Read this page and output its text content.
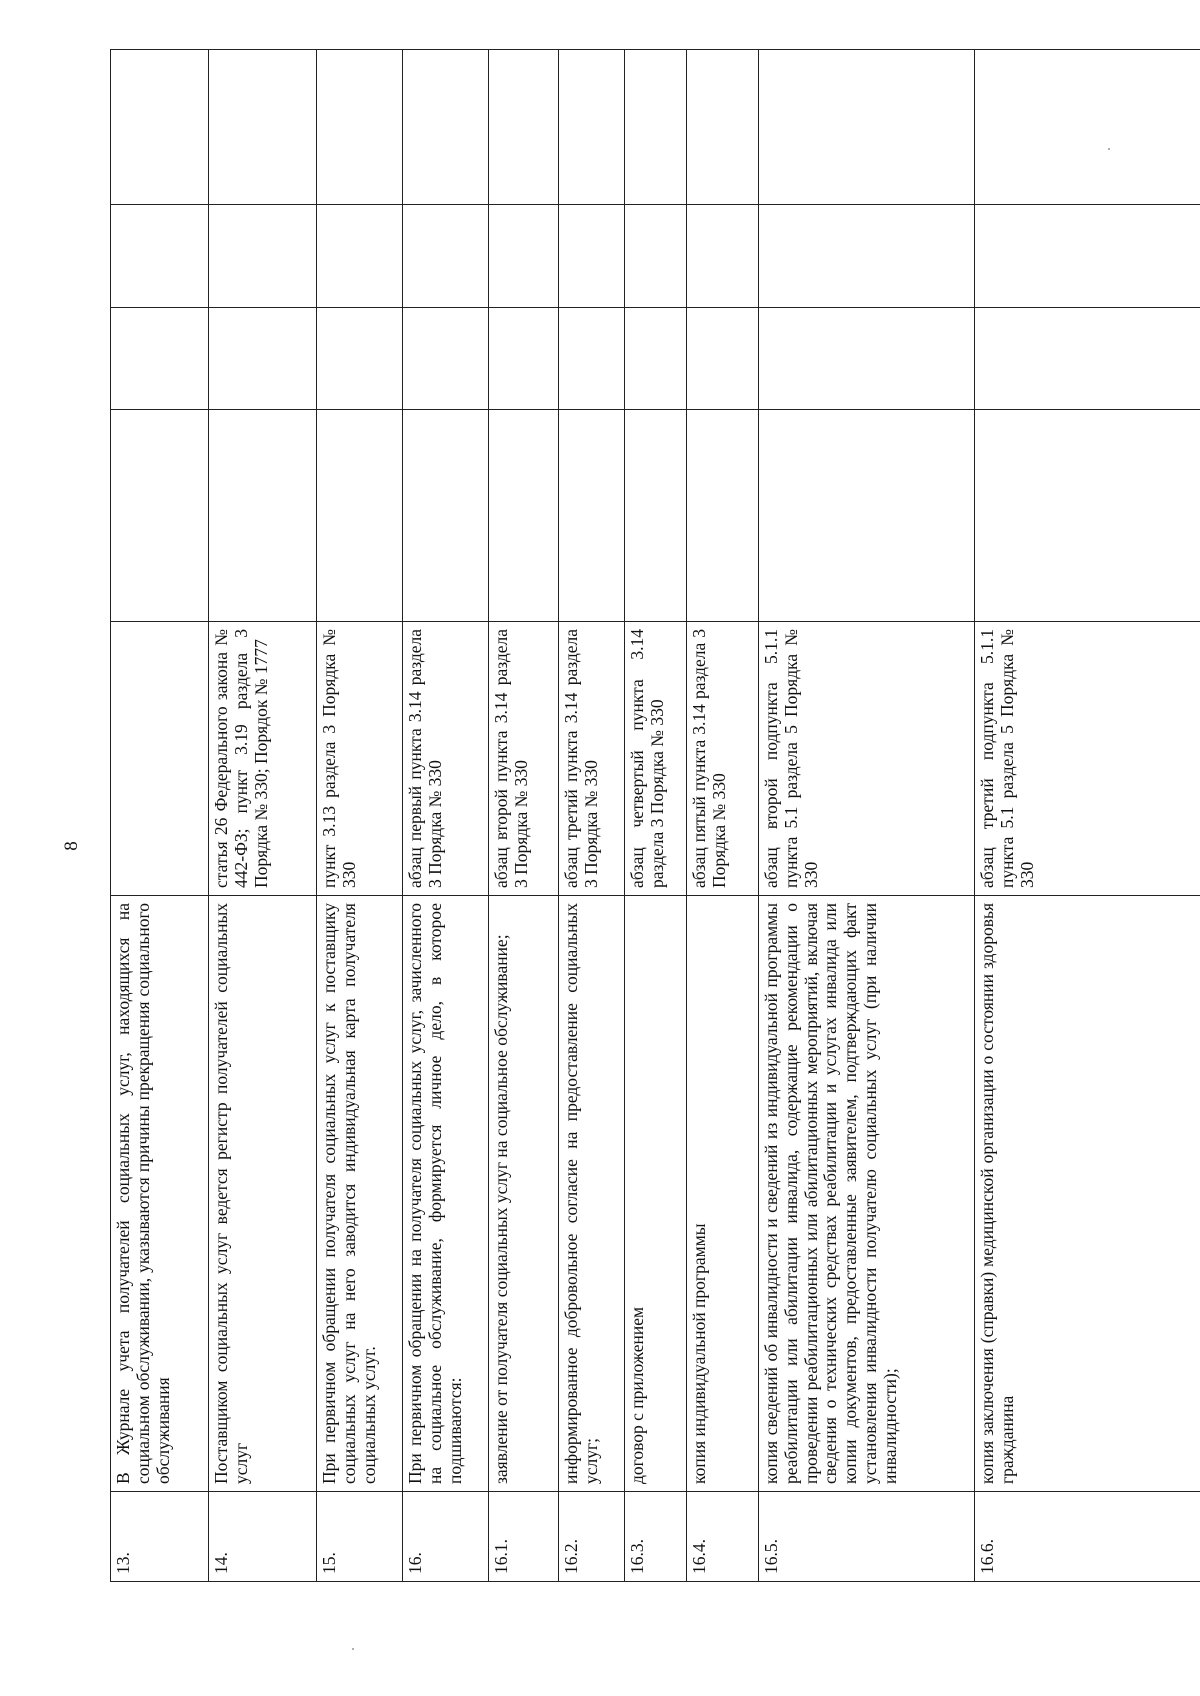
8
13.	В Журнале учета получателей социальных услуг, находящихся на социальном обслуживании, указываются причины прекращения социального обслуживания					
14.	Поставщиком социальных услуг ведется регистр получателей социальных услуг	статья 26 Федерального закона № 442-ФЗ; пункт 3.19 раздела 3 Порядка № 330; Порядок № 1777				
15.	При первичном обращении получателя социальных услуг к поставщику социальных услуг на него заводится индивидуальная карта получателя социальных услуг.	пункт 3.13 раздела 3 Порядка № 330				
16.	При первичном обращении на получателя социальных услуг, зачисленного на социальное обслуживание, формируется личное дело, в которое подшиваются:	абзац первый пункта 3.14 раздела 3 Порядка № 330				
16.1.	заявление от получателя социальных услуг на социальное обслуживание;	абзац второй пункта 3.14 раздела 3 Порядка № 330				
16.2.	информированное добровольное согласие на предоставление социальных услуг;	абзац третий пункта 3.14 раздела 3 Порядка № 330				
16.3.	договор с приложением	абзац четвертый пункта 3.14 раздела 3 Порядка № 330				
16.4.	копия индивидуальной программы	абзац пятый пункта 3.14 раздела 3 Порядка № 330				
16.5.	копия сведений об инвалидности и сведений из индивидуальной программы реабилитации или абилитации инвалида, содержащие рекомендации о проведении реабилитационных или абилитационных мероприятий, включая сведения о технических средствах реабилитации и услугах инвалида или копии документов, предоставленные заявителем, подтверждающих факт установления инвалидности получателю социальных услуг (при наличии инвалидности);	абзац второй подпункта 5.1.1 пункта 5.1 раздела 5 Порядка № 330				
16.6.	копия заключения (справки) медицинской организации о состоянии здоровья гражданина	абзац третий подпункта 5.1.1 пункта 5.1 раздела 5 Порядка № 330				
